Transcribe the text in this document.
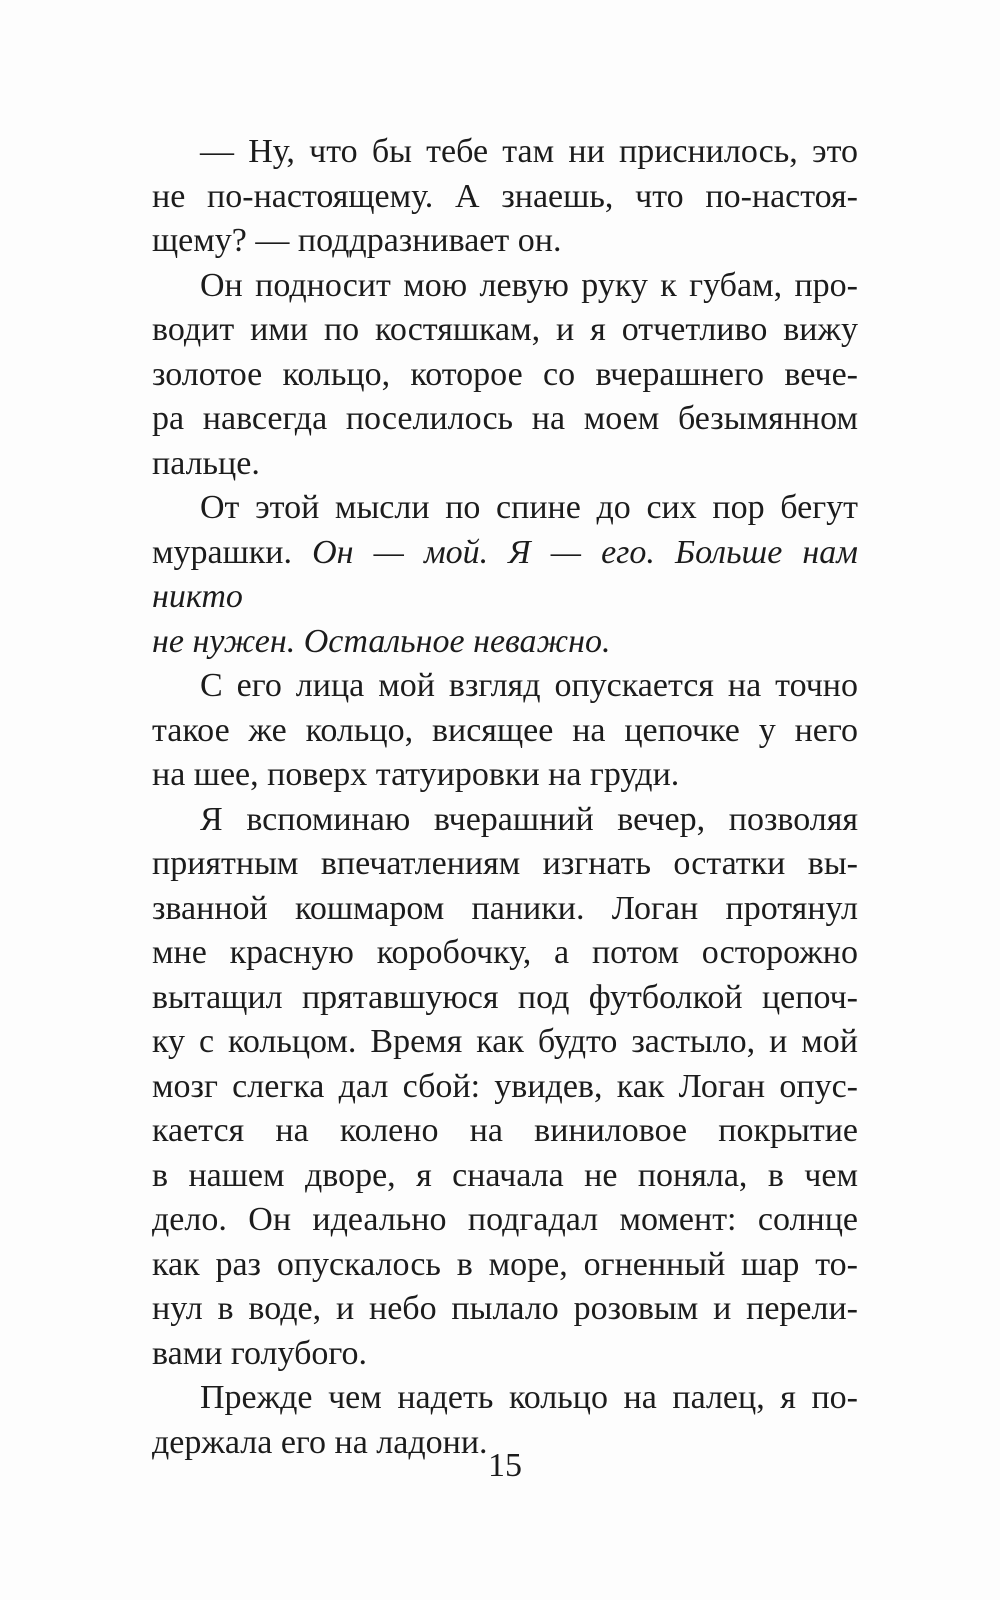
— Ну, что бы тебе там ни приснилось, это
не по-настоящему. А знаешь, что по-настоя-
щему? — поддразнивает он.
Он подносит мою левую руку к губам, про-
водит ими по костяшкам, и я отчетливо вижу
золотое кольцо, которое со вчерашнего вече-
ра навсегда поселилось на моем безымянном
пальце.
От этой мысли по спине до сих пор бегут
мурашки. Он — мой. Я — его. Больше нам никто
не нужен. Остальное неважно.
С его лица мой взгляд опускается на точно
такое же кольцо, висящее на цепочке у него
на шее, поверх татуировки на груди.
Я вспоминаю вчерашний вечер, позволяя
приятным впечатлениям изгнать остатки вы-
званной кошмаром паники. Логан протянул
мне красную коробочку, а потом осторожно
вытащил прятавшуюся под футболкой цепоч-
ку с кольцом. Время как будто застыло, и мой
мозг слегка дал сбой: увидев, как Логан опус-
кается на колено на виниловое покрытие
в нашем дворе, я сначала не поняла, в чем
дело. Он идеально подгадал момент: солнце
как раз опускалось в море, огненный шар то-
нул в воде, и небо пылало розовым и перели-
вами голубого.
Прежде чем надеть кольцо на палец, я по-
держала его на ладони.
15
